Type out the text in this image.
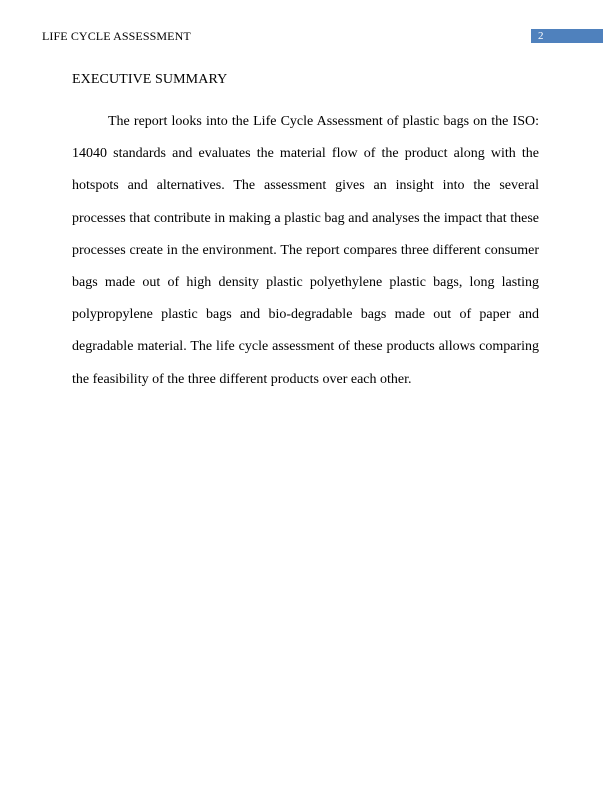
LIFE CYCLE ASSESSMENT	2
EXECUTIVE SUMMARY

The report looks into the Life Cycle Assessment of plastic bags on the ISO: 14040 standards and evaluates the material flow of the product along with the hotspots and alternatives. The assessment gives an insight into the several processes that contribute in making a plastic bag and analyses the impact that these processes create in the environment. The report compares three different consumer bags made out of high density plastic polyethylene plastic bags, long lasting polypropylene plastic bags and bio-degradable bags made out of paper and degradable material. The life cycle assessment of these products allows comparing the feasibility of the three different products over each other.
